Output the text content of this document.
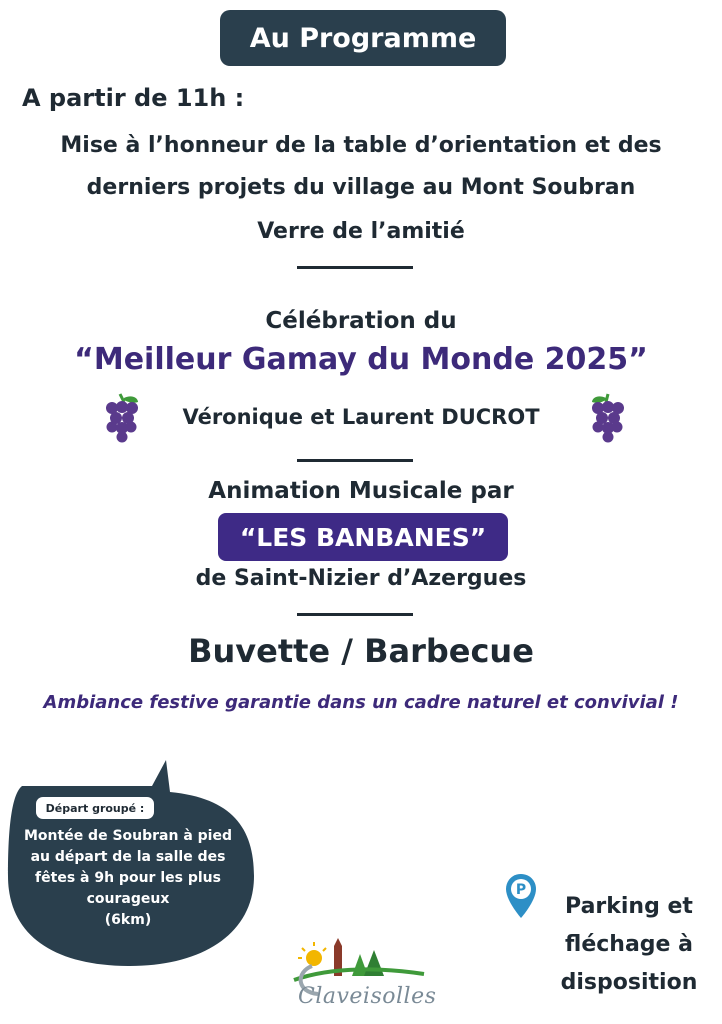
Au Programme
A partir de 11h :
Mise à l’honneur de la table d’orientation et des
derniers projets du village au Mont Soubran
Verre de l’amitié
Célébration du
“Meilleur Gamay du Monde 2025”
Véronique et Laurent DUCROT
Animation Musicale par
“LES BANBANES”
de Saint-Nizier d’Azergues
Buvette / Barbecue
Ambiance festive garantie dans un cadre naturel et convivial !
Départ groupé :
Montée de Soubran à pied
au départ de la salle des
fêtes à 9h pour les plus
courageux
(6km)
Claveisolles
P
Parking et
fléchage à
disposition
